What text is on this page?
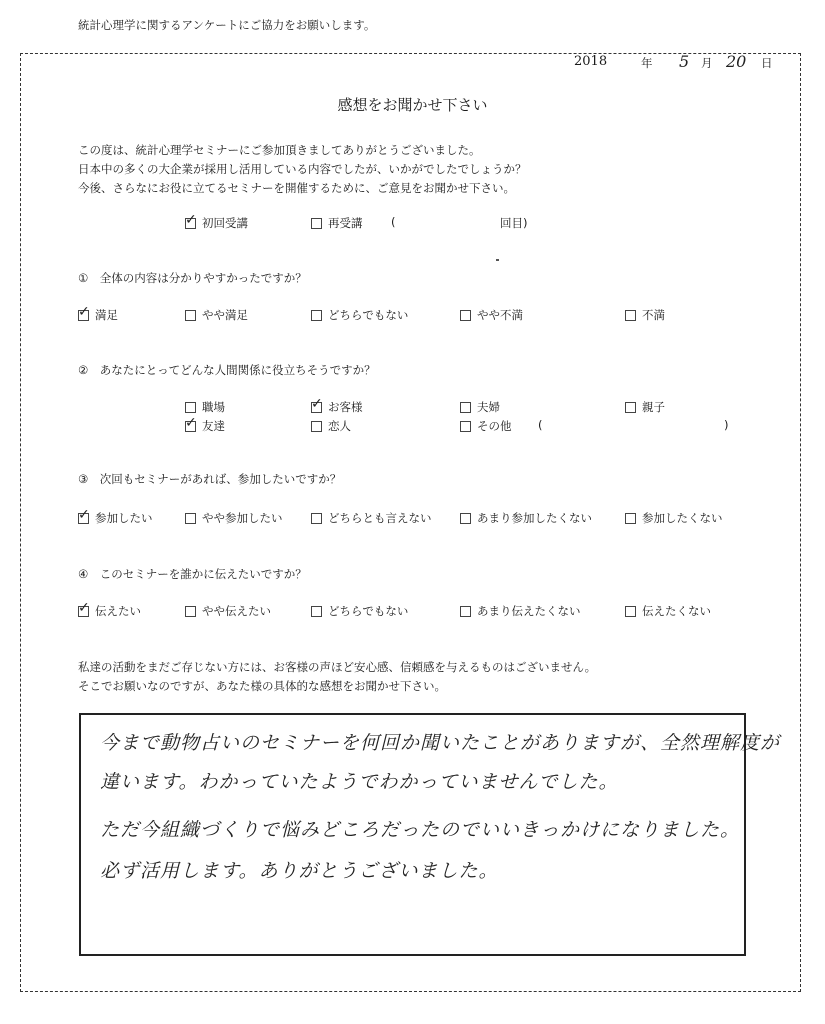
統計心理学に関するアンケートにご協力をお願いします。
2018	年 5 月 20 日
感想をお聞かせ下さい
この度は、統計心理学セミナーにご参加頂きましてありがとうございました。
日本中の多くの大企業が採用し活用している内容でしたが、いかがでしたでしょうか？
今後、さらなにお役に立てるセミナーを開催するために、ご意見をお聞かせ下さい。
✓ 初回受講	再受講 (	回目)
①　全体の内容は分かりやすかったですか？
✓ 満足	やや満足	どちらでもない	やや不満	不満
②　あなたにとってどんな人間関係に役立ちそうですか？
職場	✓ お客様	夫婦	親子
✓ 友達	恋人	その他 (	)
③　次回もセミナーがあれば、参加したいですか？
✓ 参加したい	やや参加したい	どちらとも言えない	あまり参加したくない	参加したくない
④　このセミナーを誰かに伝えたいですか？
✓ 伝えたい	やや伝えたい	どちらでもない	あまり伝えたくない	伝えたくない
私達の活動をまだご存じない方には、お客様の声ほど安心感、信頼感を与えるものはございません。
そこでお願いなのですが、あなた様の具体的な感想をお聞かせ下さい。
今まで動物占いのセミナーを何回か聞いたことがありますが、全然理解度が
違います。わかっていたようでわかっていませんでした。
ただ今組織づくりで悩みどころだったのでいいきっかけになりました。
必ず活用します。ありがとうございました。
